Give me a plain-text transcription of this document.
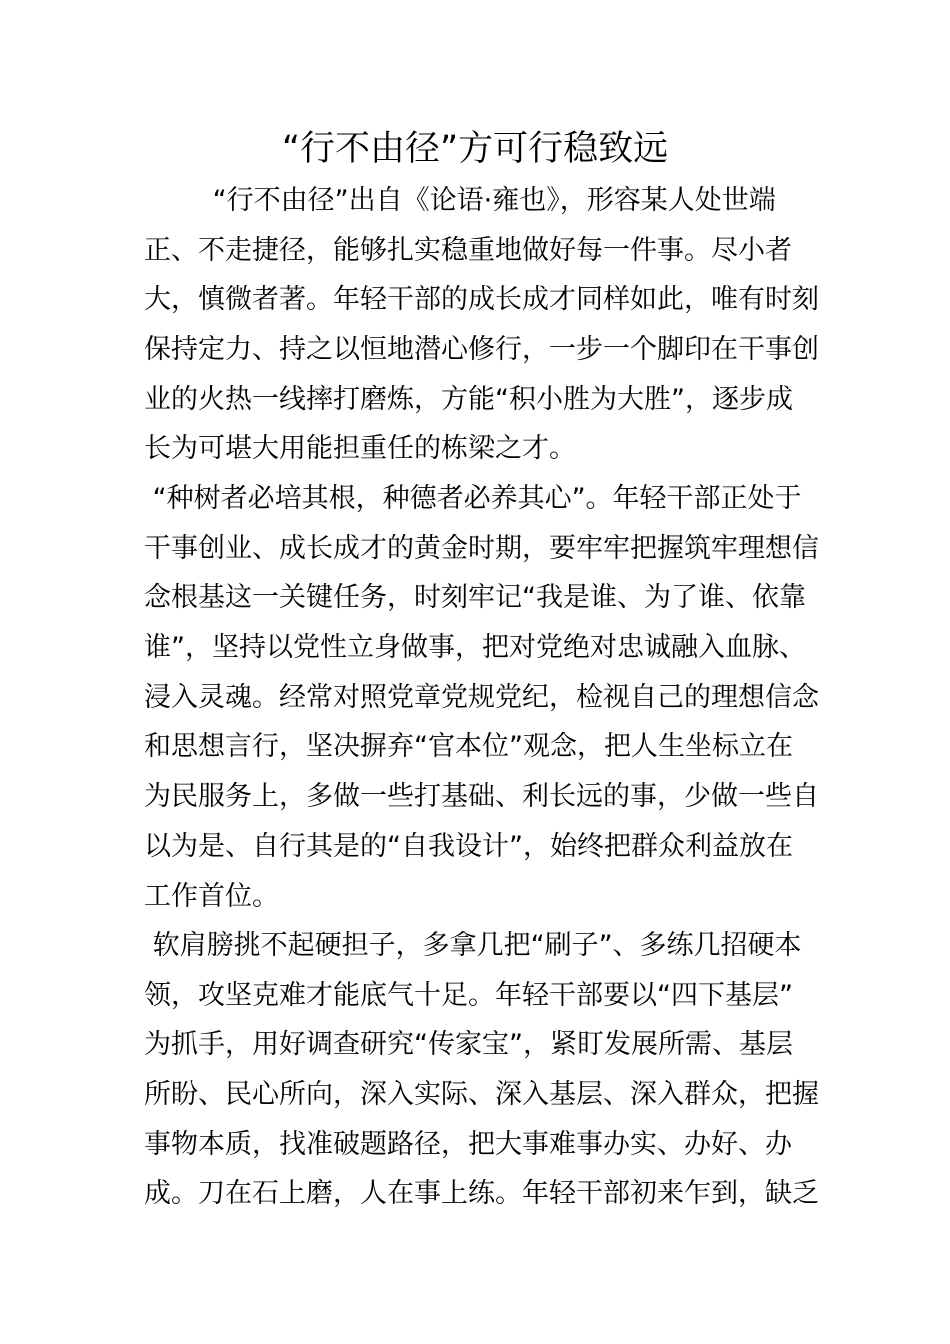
“行不由径”方可行稳致远
“行不由径”出自《论语·雍也》，形容某人处世端
正、不走捷径，能够扎实稳重地做好每一件事。尽小者
大，慎微者著。年轻干部的成长成才同样如此，唯有时刻
保持定力、持之以恒地潜心修行，一步一个脚印在干事创
业的火热一线摔打磨炼，方能“积小胜为大胜”，逐步成
长为可堪大用能担重任的栋梁之才。
“种树者必培其根，种德者必养其心”。年轻干部正处于
干事创业、成长成才的黄金时期，要牢牢把握筑牢理想信
念根基这一关键任务，时刻牢记“我是谁、为了谁、依靠
谁”，坚持以党性立身做事，把对党绝对忠诚融入血脉、
浸入灵魂。经常对照党章党规党纪，检视自己的理想信念
和思想言行，坚决摒弃“官本位”观念，把人生坐标立在
为民服务上，多做一些打基础、利长远的事，少做一些自
以为是、自行其是的“自我设计”，始终把群众利益放在
工作首位。
软肩膀挑不起硬担子，多拿几把“刷子”、多练几招硬本
领，攻坚克难才能底气十足。年轻干部要以“四下基层”
为抓手，用好调查研究“传家宝”，紧盯发展所需、基层
所盼、民心所向，深入实际、深入基层、深入群众，把握
事物本质，找准破题路径，把大事难事办实、办好、办
成。刀在石上磨，人在事上练。年轻干部初来乍到，缺乏
